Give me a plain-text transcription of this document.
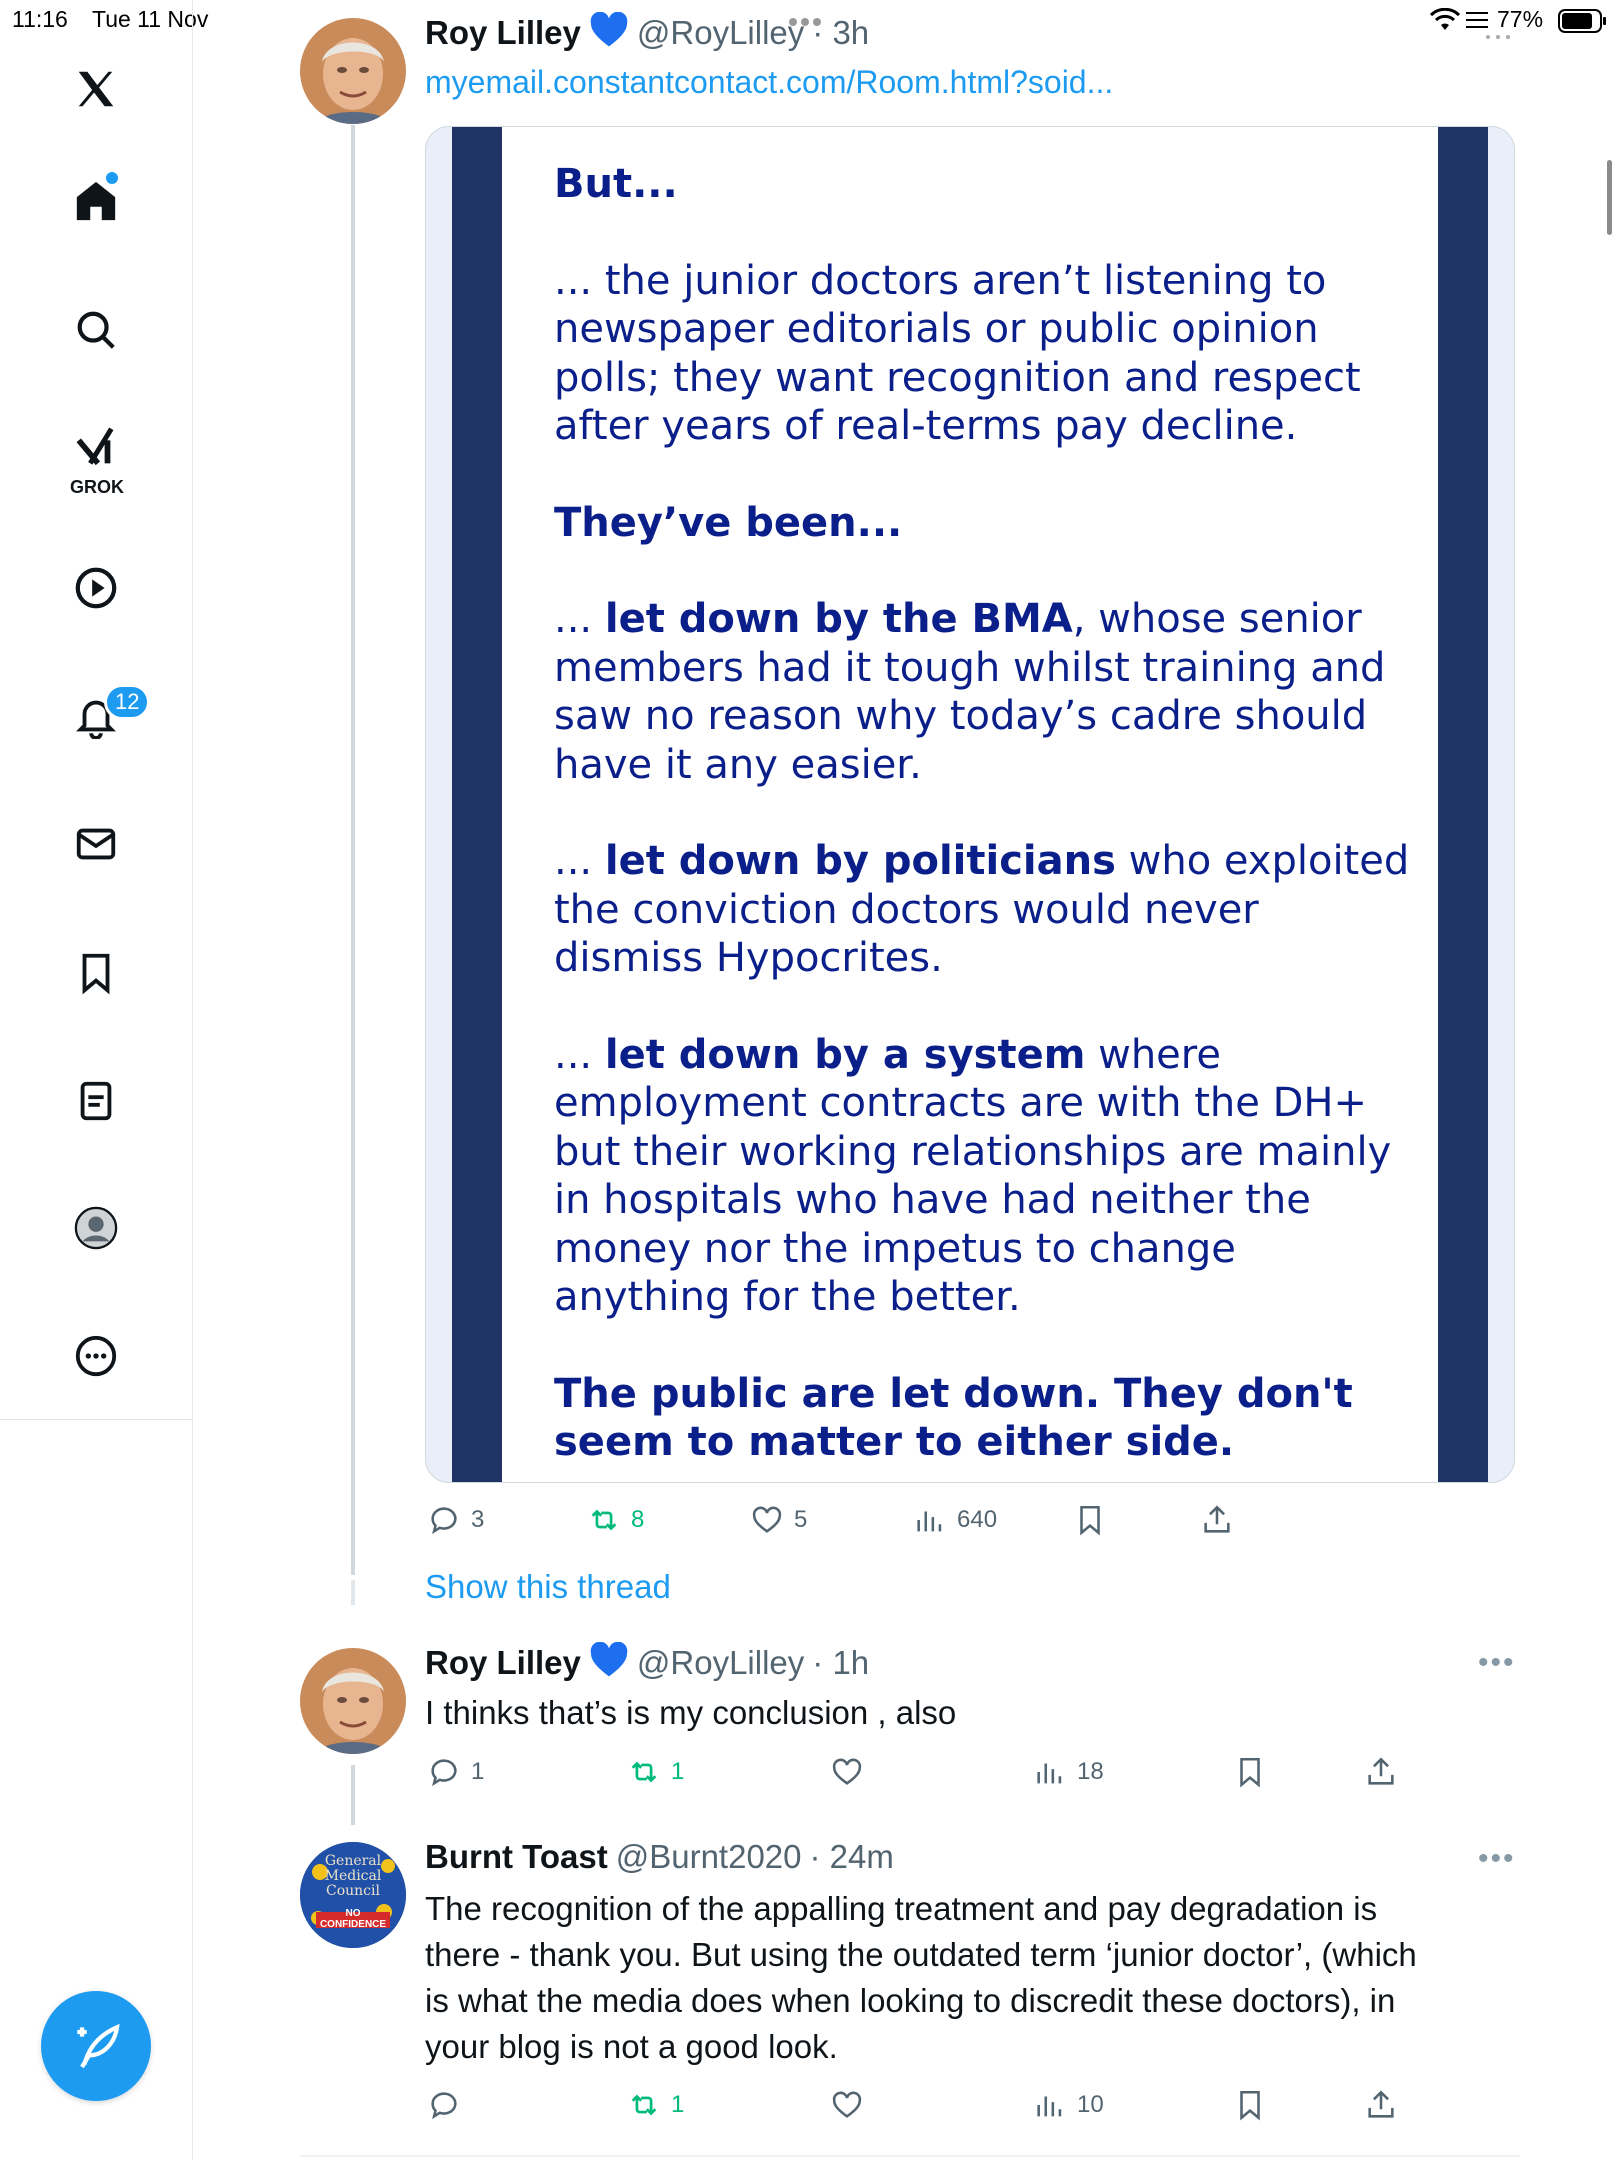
11:16 Tue 11 Nov	77%
GROK
12
Roy Lilley @RoyLilley · 3h
myemail.constantcontact.com/Room.html?soid...

But...

... the junior doctors aren’t listening to newspaper editorials or public opinion polls; they want recognition and respect after years of real-terms pay decline.

They’ve been...

... let down by the BMA, whose senior members had it tough whilst training and saw no reason why today’s cadre should have it any easier.

... let down by politicians who exploited the conviction doctors would never dismiss Hypocrites.

... let down by a system where employment contracts are with the DH+ but their working relationships are mainly in hospitals who have had neither the money nor the impetus to change anything for the better.

The public are let down. They don't seem to matter to either side.

3	8	5	640
Show this thread
Roy Lilley @RoyLilley · 1h	•••
I thinks that’s is my conclusion , also
1	1	18
General
Medical
Council
NO
CONFIDENCE
Burnt Toast @Burnt2020 · 24m	•••
The recognition of the appalling treatment and pay degradation is
there - thank you. But using the outdated term ‘junior doctor’, (which
is what the media does when looking to discredit these doctors), in
your blog is not a good look.
1	10
